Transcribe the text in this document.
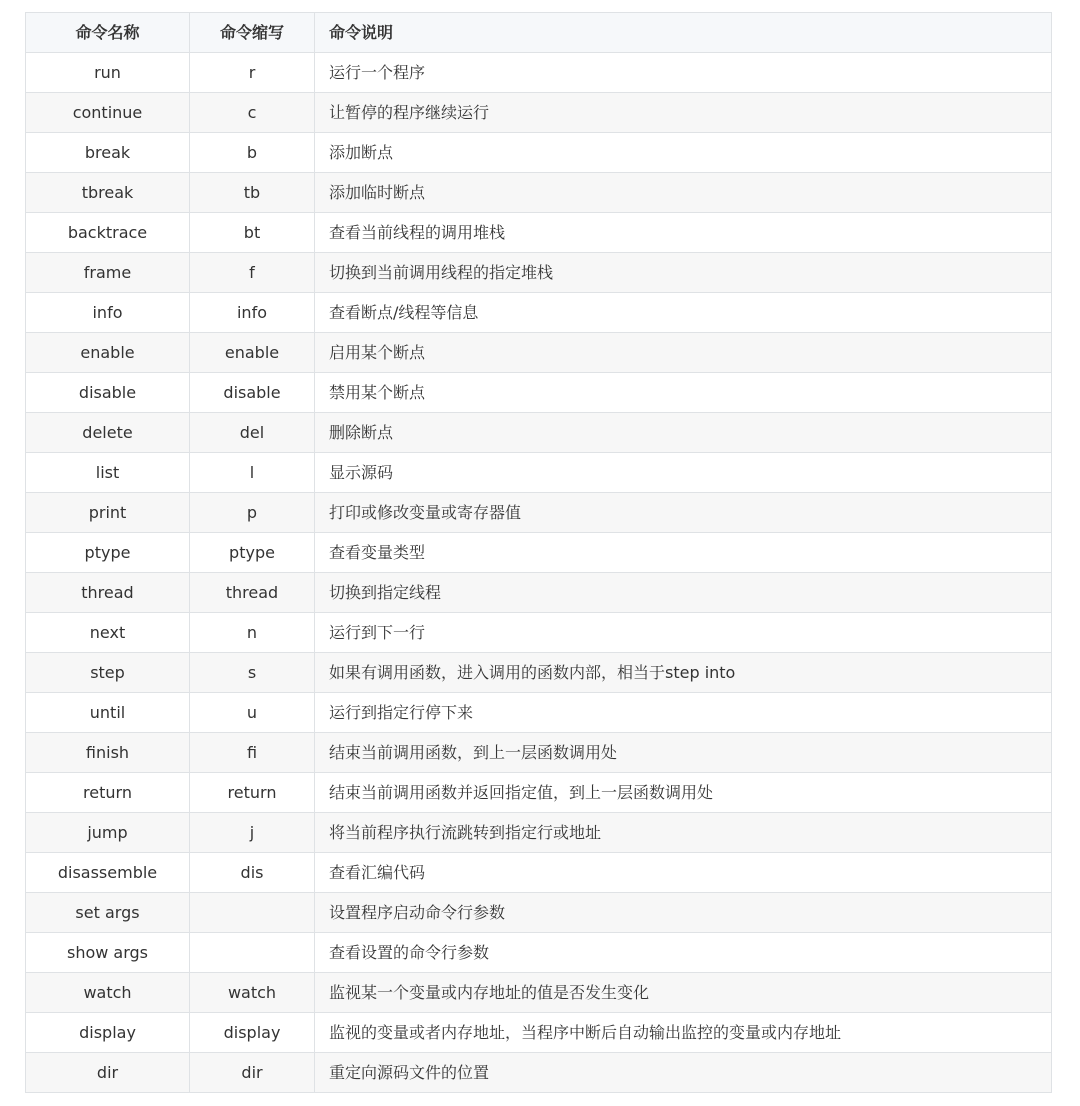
命令名称	命令缩写	命令说明
run	r	运行一个程序
continue	c	让暂停的程序继续运行
break	b	添加断点
tbreak	tb	添加临时断点
backtrace	bt	查看当前线程的调用堆栈
frame	f	切换到当前调用线程的指定堆栈
info	info	查看断点/线程等信息
enable	enable	启用某个断点
disable	disable	禁用某个断点
delete	del	删除断点
list	l	显示源码
print	p	打印或修改变量或寄存器值
ptype	ptype	查看变量类型
thread	thread	切换到指定线程
next	n	运行到下一行
step	s	如果有调用函数，进入调用的函数内部，相当于step into
until	u	运行到指定行停下来
finish	fi	结束当前调用函数，到上一层函数调用处
return	return	结束当前调用函数并返回指定值，到上一层函数调用处
jump	j	将当前程序执行流跳转到指定行或地址
disassemble	dis	查看汇编代码
set args		设置程序启动命令行参数
show args		查看设置的命令行参数
watch	watch	监视某一个变量或内存地址的值是否发生变化
display	display	监视的变量或者内存地址，当程序中断后自动输出监控的变量或内存地址
dir	dir	重定向源码文件的位置
